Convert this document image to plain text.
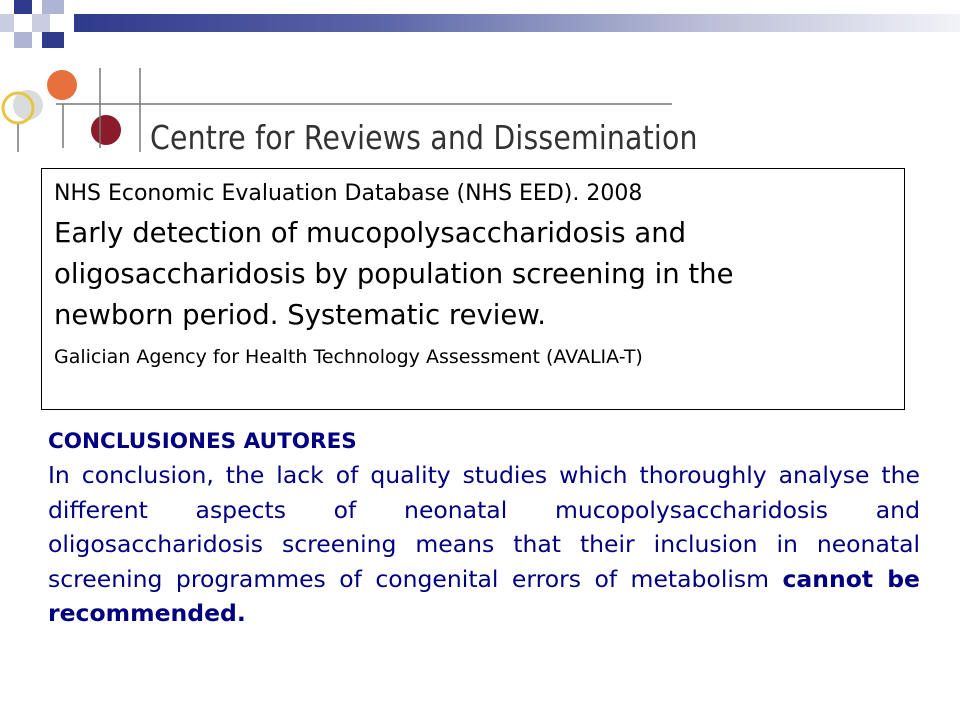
Centre for Reviews and Dissemination

NHS Economic Evaluation Database (NHS EED). 2008

Early detection of mucopolysaccharidosis and
oligosaccharidosis by population screening in the
newborn period. Systematic review.

Galician Agency for Health Technology Assessment (AVALIA-T)

CONCLUSIONES AUTORES

In conclusion, the lack of quality studies which thoroughly analyse the different aspects of neonatal mucopolysaccharidosis and oligosaccharidosis screening means that their inclusion in neonatal screening programmes of congenital errors of metabolism cannot be recommended.
